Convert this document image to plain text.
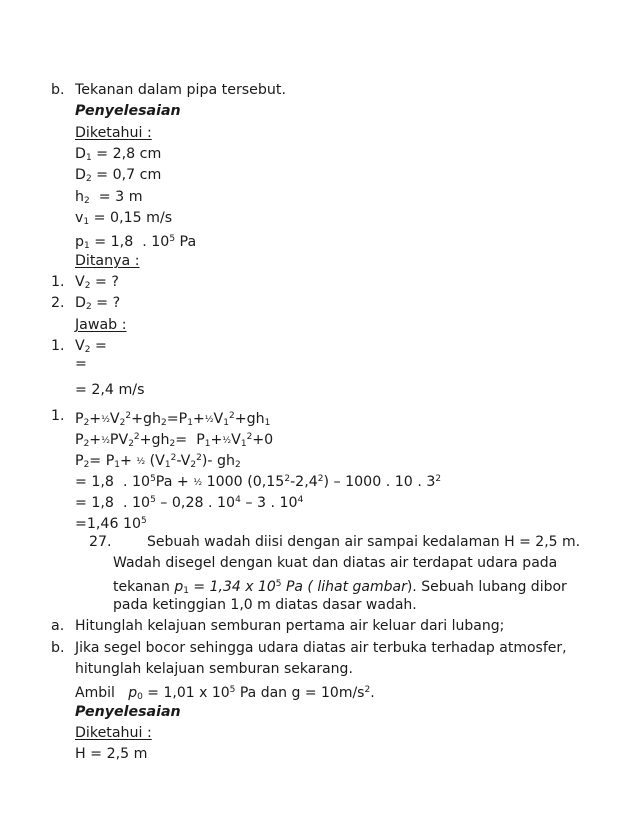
b. Tekanan dalam pipa tersebut.
Penyelesaian
Diketahui :
$D_1 = 2,8$ cm
$D_2 = 0,7$ cm
$h_2 = 3$ m
$v_1 = 0,15$ m/s
$p_1 = 1,8$  . $10^5$ Pa
Ditanya :
1. $V_2$ = ?
2. $D_2$ = ?
Jawab :
1. $V_2$ =
=
= 2,4 m/s
1. $P_2+\frac{1}{2}V_2^2+gh_2=P_1+\frac{1}{2}V_1^2+gh_1$
$P_2+\frac{1}{2}PV_2^2+gh_2=$  $P_1+\frac{1}{2}V_1^2+0$
$P_2= P_1+$ ½ $(V_1^2-V_2^2)-$ $gh_2$
= 1,8  . $10^5Pa$ + ½ 1000 $(0,15^2-2,4^2) - 1000$ . 10 . $3^2$
= 1,8  . $10^5 - 0,28$ . $10^4 - 3$ . $10^4$
=1,46 $10^5$
27.	Sebuah wadah diisi dengan air sampai kedalaman H = 2,5 m.
Wadah disegel dengan kuat dan diatas air terdapat udara pada
tekanan $p_1 = 1,34$ x $10^5$ Pa ( lihat gambar). Sebuah lubang dibor
pada ketinggian 1,0 m diatas dasar wadah.
a. Hitunglah kelajuan semburan pertama air keluar dari lubang;
b. Jika segel bocor sehingga udara diatas air terbuka terhadap atmosfer,
hitunglah kelajuan semburan sekarang.
Ambil   $p_0 = 1,01$ x $10^5$ Pa dan $g = 10m/s^2$.
Penyelesaian
Diketahui :
H = 2,5 m
